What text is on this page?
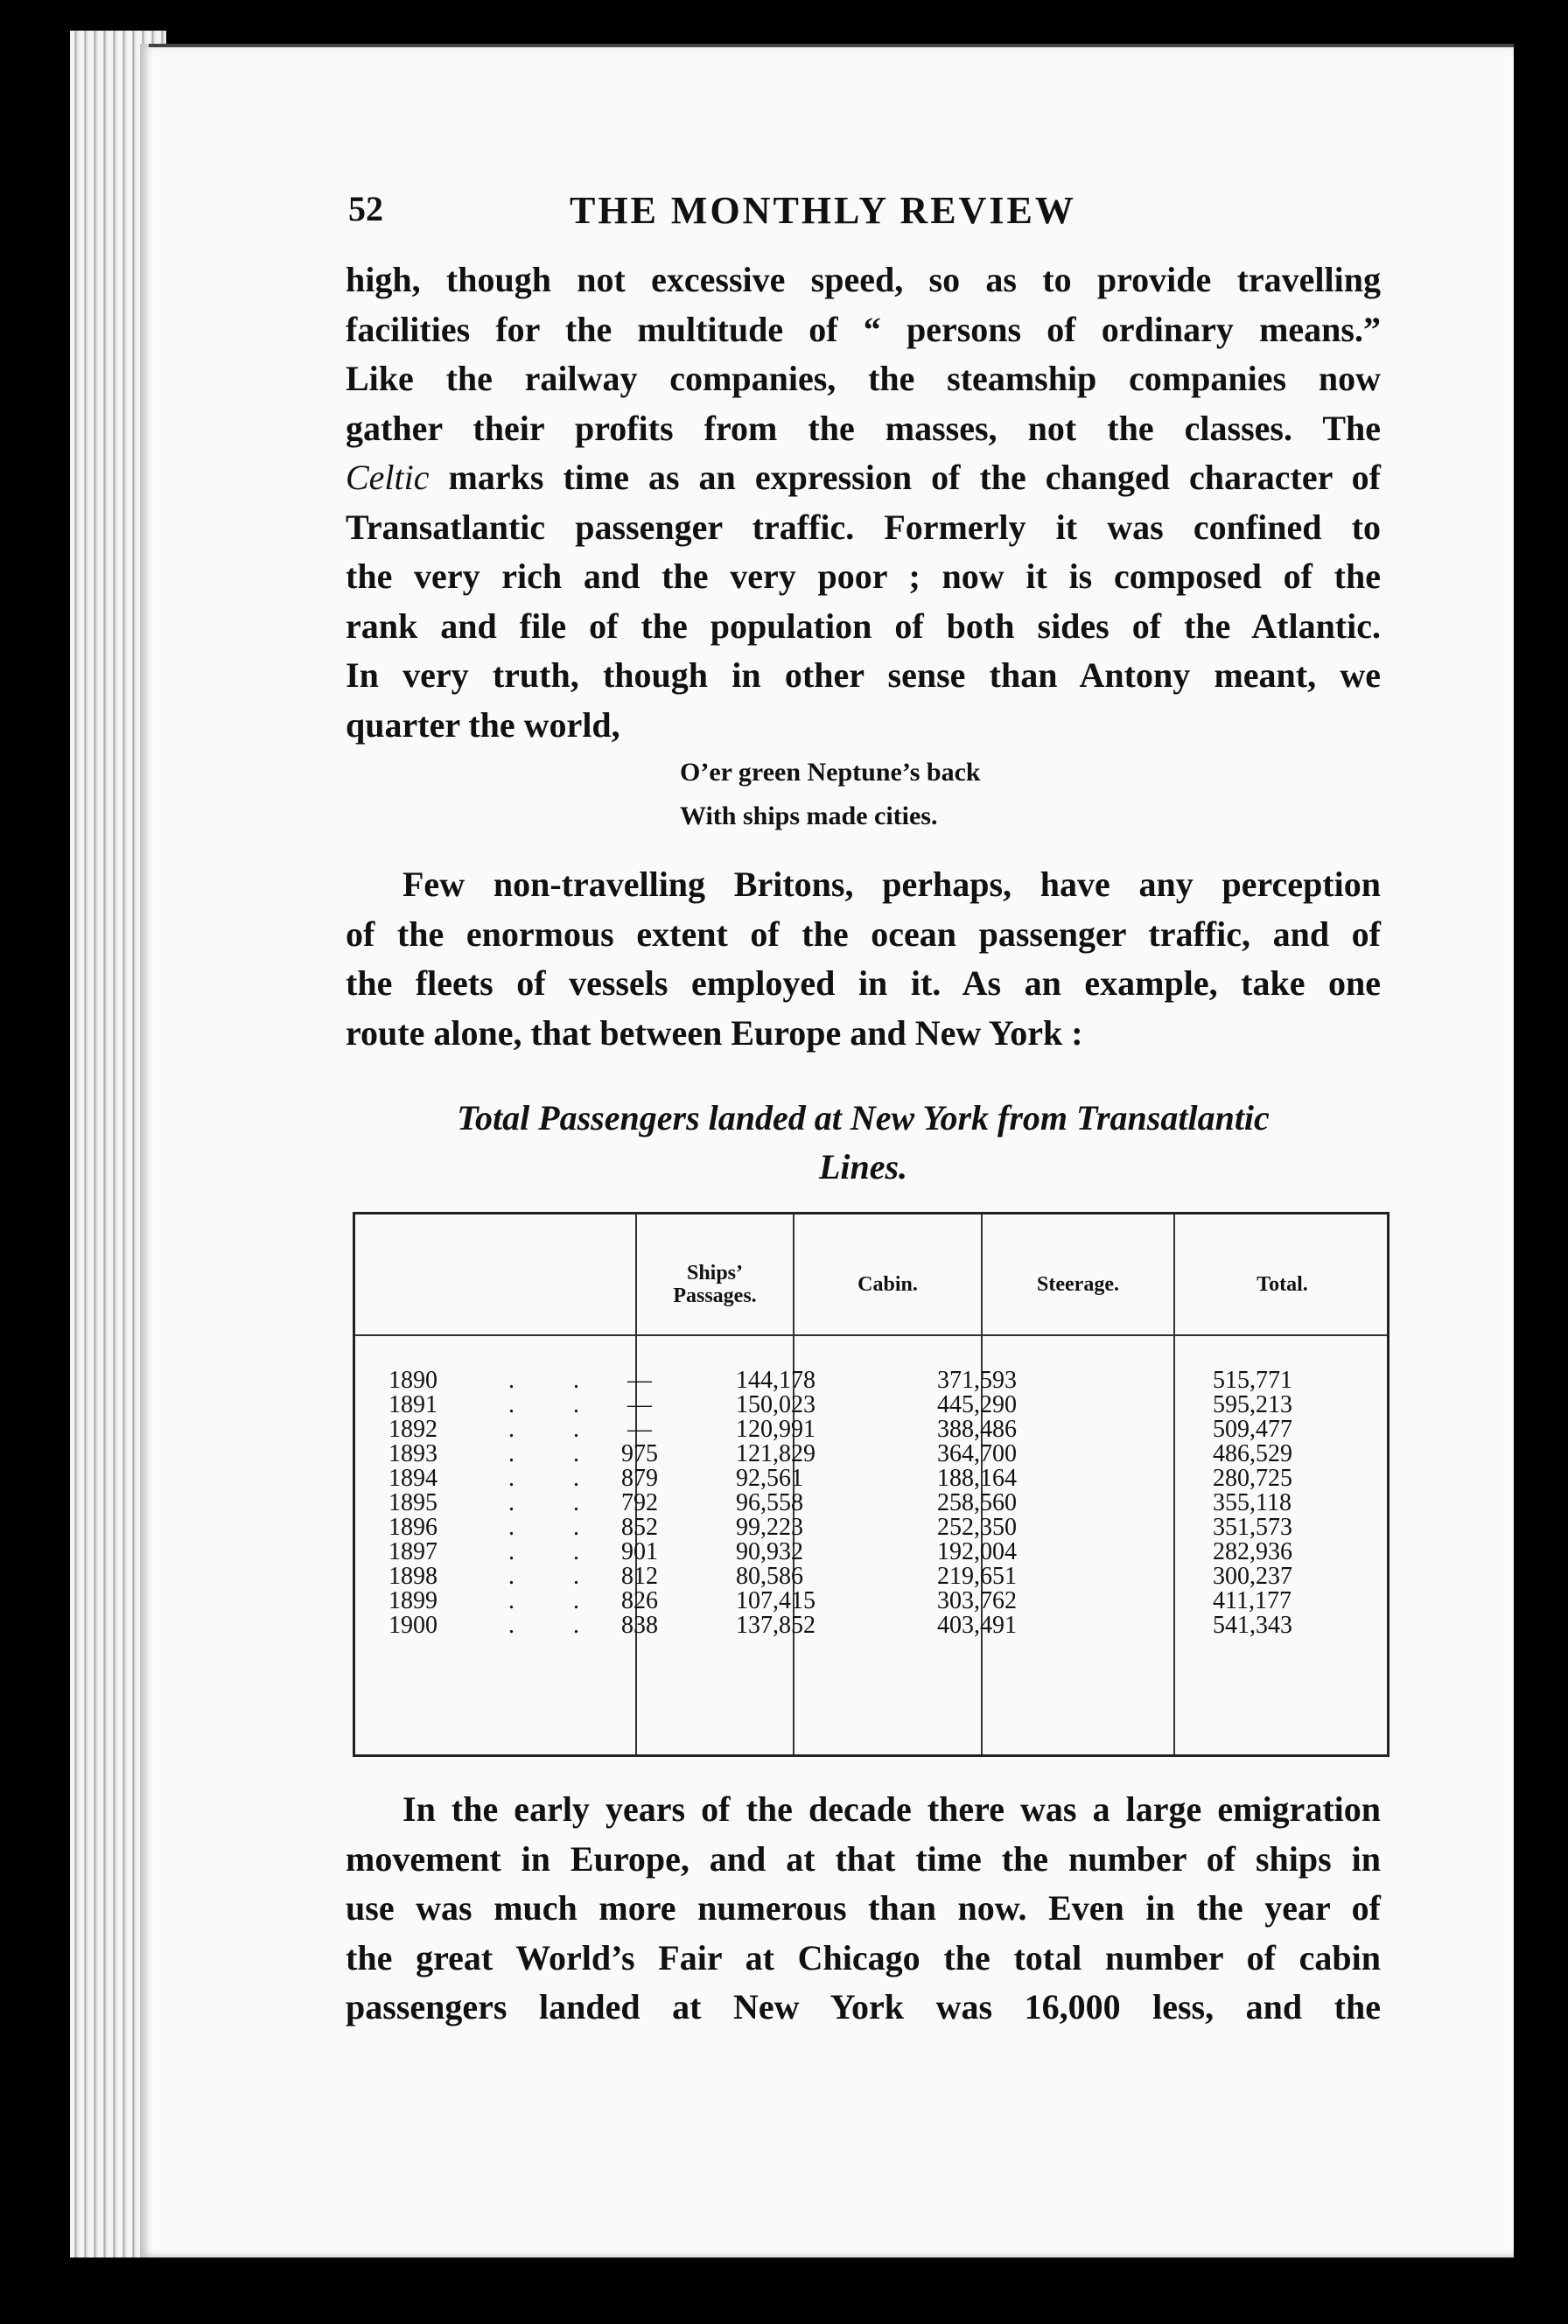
52	THE MONTHLY REVIEW
high, though not excessive speed, so as to provide travelling
facilities for the multitude of “ persons of ordinary means.”
Like the railway companies, the steamship companies now
gather their profits from the masses, not the classes. The
Celtic marks time as an expression of the changed character of
Transatlantic passenger traffic. Formerly it was confined to
the very rich and the very poor ; now it is composed of the
rank and file of the population of both sides of the Atlantic.
In very truth, though in other sense than Antony meant, we
quarter the world,
O’er green Neptune’s back
With ships made cities.
Few non-travelling Britons, perhaps, have any perception
of the enormous extent of the ocean passenger traffic, and of
the fleets of vessels employed in it. As an example, take one
route alone, that between Europe and New York :
Total Passengers landed at New York from Transatlantic
Lines.
Ships’
Passages.	Cabin.	Steerage.	Total.
1890	. . —	144,178	371,593	515,771
1891	. . —	150,023	445,290	595,213
1892	. . —	120,991	388,486	509,477
1893	. . 975	121,829	364,700	486,529
1894	. . 879	92,561	188,164	280,725
1895	. . 792	96,558	258,560	355,118
1896	. . 852	99,223	252,350	351,573
1897	. . 901	90,932	192,004	282,936
1898	. . 812	80,586	219,651	300,237
1899	. . 826	107,415	303,762	411,177
1900	. . 838	137,852	403,491	541,343
In the early years of the decade there was a large emigration
movement in Europe, and at that time the number of ships in
use was much more numerous than now. Even in the year of
the great World’s Fair at Chicago the total number of cabin
passengers landed at New York was 16,000 less, and the
